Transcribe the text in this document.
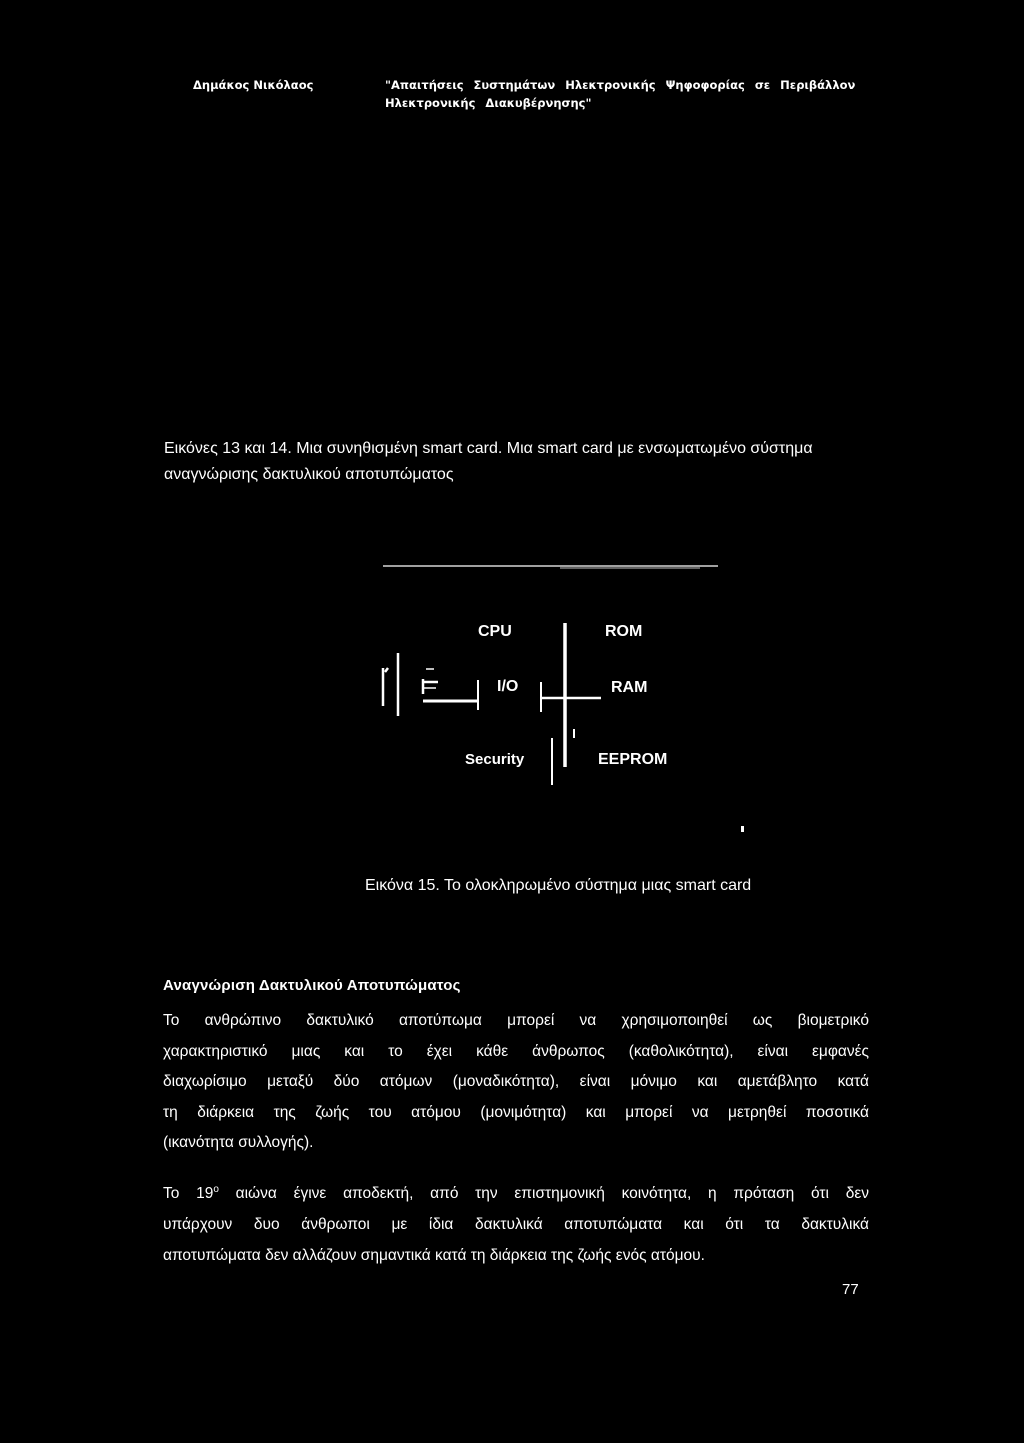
Δημάκος Νικόλαος	"Απαιτήσεις Συστημάτων Ηλεκτρονικής Ψηφοφορίας σε Περιβάλλον Ηλεκτρονικής Διακυβέρνησης"
Εικόνες 13 και 14. Μια συνηθισμένη smart card. Μια smart card με ενσωματωμένο σύστημα αναγνώρισης δακτυλικού αποτυπώματος
CPU	ROM
I/O	RAM
Security	EEPROM
Εικόνα 15. Το ολοκληρωμένο σύστημα μιας smart card
Αναγνώριση Δακτυλικού Αποτυπώματος
Το ανθρώπινο δακτυλικό αποτύπωμα μπορεί να χρησιμοποιηθεί ως βιομετρικό
χαρακτηριστικό μιας και το έχει κάθε άνθρωπος (καθολικότητα), είναι εμφανές
διαχωρίσιμο μεταξύ δύο ατόμων (μοναδικότητα), είναι μόνιμο και αμετάβλητο κατά
τη διάρκεια της ζωής του ατόμου (μονιμότητα) και μπορεί να μετρηθεί ποσοτικά
(ικανότητα συλλογής).
Το $19^o$ αιώνα έγινε αποδεκτή, από την επιστημονική κοινότητα, η πρόταση ότι δεν
υπάρχουν δυο άνθρωποι με ίδια δακτυλικά αποτυπώματα και ότι τα δακτυλικά
αποτυπώματα δεν αλλάζουν σημαντικά κατά τη διάρκεια της ζωής ενός ατόμου.
77
